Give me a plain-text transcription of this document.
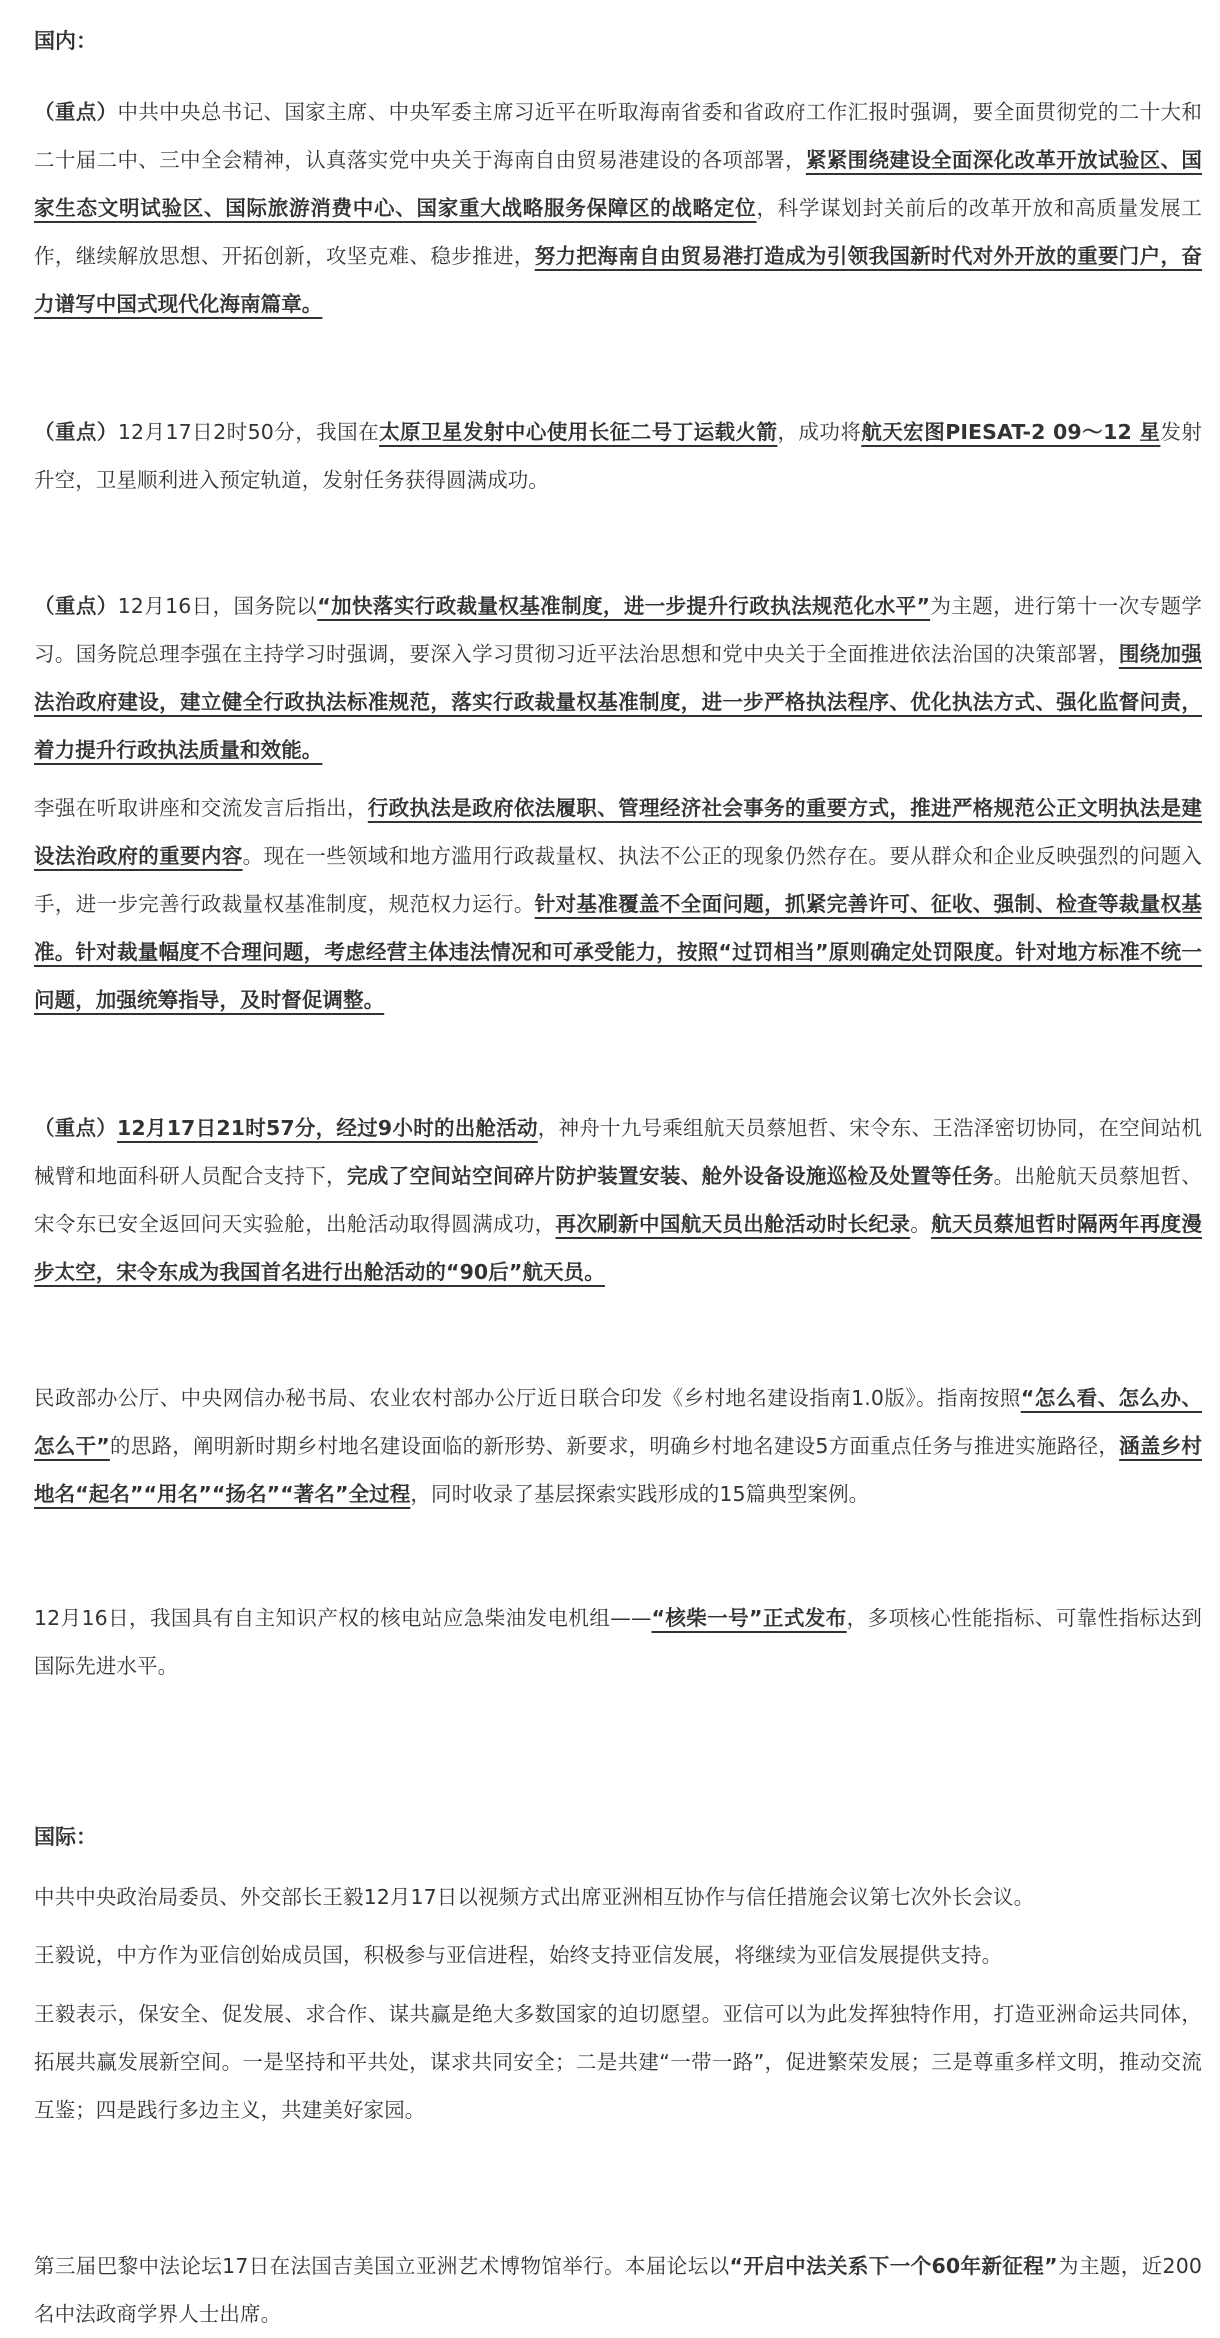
国内：

（重点）中共中央总书记、国家主席、中央军委主席习近平在听取海南省委和省政府工作汇报时强调，要全面贯彻党的二十大和二十届二中、三中全会精神，认真落实党中央关于海南自由贸易港建设的各项部署，紧紧围绕建设全面深化改革开放试验区、国家生态文明试验区、国际旅游消费中心、国家重大战略服务保障区的战略定位，科学谋划封关前后的改革开放和高质量发展工作，继续解放思想、开拓创新，攻坚克难、稳步推进，努力把海南自由贸易港打造成为引领我国新时代对外开放的重要门户，奋力谱写中国式现代化海南篇章。

（重点）12月17日2时50分，我国在太原卫星发射中心使用长征二号丁运载火箭，成功将航天宏图PIESAT-2 09～12 星发射升空，卫星顺利进入预定轨道，发射任务获得圆满成功。

（重点）12月16日，国务院以“加快落实行政裁量权基准制度，进一步提升行政执法规范化水平”为主题，进行第十一次专题学习。国务院总理李强在主持学习时强调，要深入学习贯彻习近平法治思想和党中央关于全面推进依法治国的决策部署，围绕加强法治政府建设，建立健全行政执法标准规范，落实行政裁量权基准制度，进一步严格执法程序、优化执法方式、强化监督问责，着力提升行政执法质量和效能。

李强在听取讲座和交流发言后指出，行政执法是政府依法履职、管理经济社会事务的重要方式，推进严格规范公正文明执法是建设法治政府的重要内容。现在一些领域和地方滥用行政裁量权、执法不公正的现象仍然存在。要从群众和企业反映强烈的问题入手，进一步完善行政裁量权基准制度，规范权力运行。针对基准覆盖不全面问题，抓紧完善许可、征收、强制、检查等裁量权基准。针对裁量幅度不合理问题，考虑经营主体违法情况和可承受能力，按照“过罚相当”原则确定处罚限度。针对地方标准不统一问题，加强统筹指导，及时督促调整。

（重点）12月17日21时57分，经过9小时的出舱活动，神舟十九号乘组航天员蔡旭哲、宋令东、王浩泽密切协同，在空间站机械臂和地面科研人员配合支持下，完成了空间站空间碎片防护装置安装、舱外设备设施巡检及处置等任务。出舱航天员蔡旭哲、宋令东已安全返回问天实验舱，出舱活动取得圆满成功，再次刷新中国航天员出舱活动时长纪录。航天员蔡旭哲时隔两年再度漫步太空，宋令东成为我国首名进行出舱活动的“90后”航天员。

民政部办公厅、中央网信办秘书局、农业农村部办公厅近日联合印发《乡村地名建设指南1.0版》。指南按照“怎么看、怎么办、怎么干”的思路，阐明新时期乡村地名建设面临的新形势、新要求，明确乡村地名建设5方面重点任务与推进实施路径，涵盖乡村地名“起名”“用名”“扬名”“著名”全过程，同时收录了基层探索实践形成的15篇典型案例。

12月16日，我国具有自主知识产权的核电站应急柴油发电机组——“核柴一号”正式发布，多项核心性能指标、可靠性指标达到国际先进水平。

国际：

中共中央政治局委员、外交部长王毅12月17日以视频方式出席亚洲相互协作与信任措施会议第七次外长会议。

王毅说，中方作为亚信创始成员国，积极参与亚信进程，始终支持亚信发展，将继续为亚信发展提供支持。

王毅表示，保安全、促发展、求合作、谋共赢是绝大多数国家的迫切愿望。亚信可以为此发挥独特作用，打造亚洲命运共同体，拓展共赢发展新空间。一是坚持和平共处，谋求共同安全；二是共建“一带一路”，促进繁荣发展；三是尊重多样文明，推动交流互鉴；四是践行多边主义，共建美好家园。

第三届巴黎中法论坛17日在法国吉美国立亚洲艺术博物馆举行。本届论坛以“开启中法关系下一个60年新征程”为主题，近200名中法政商学界人士出席。
